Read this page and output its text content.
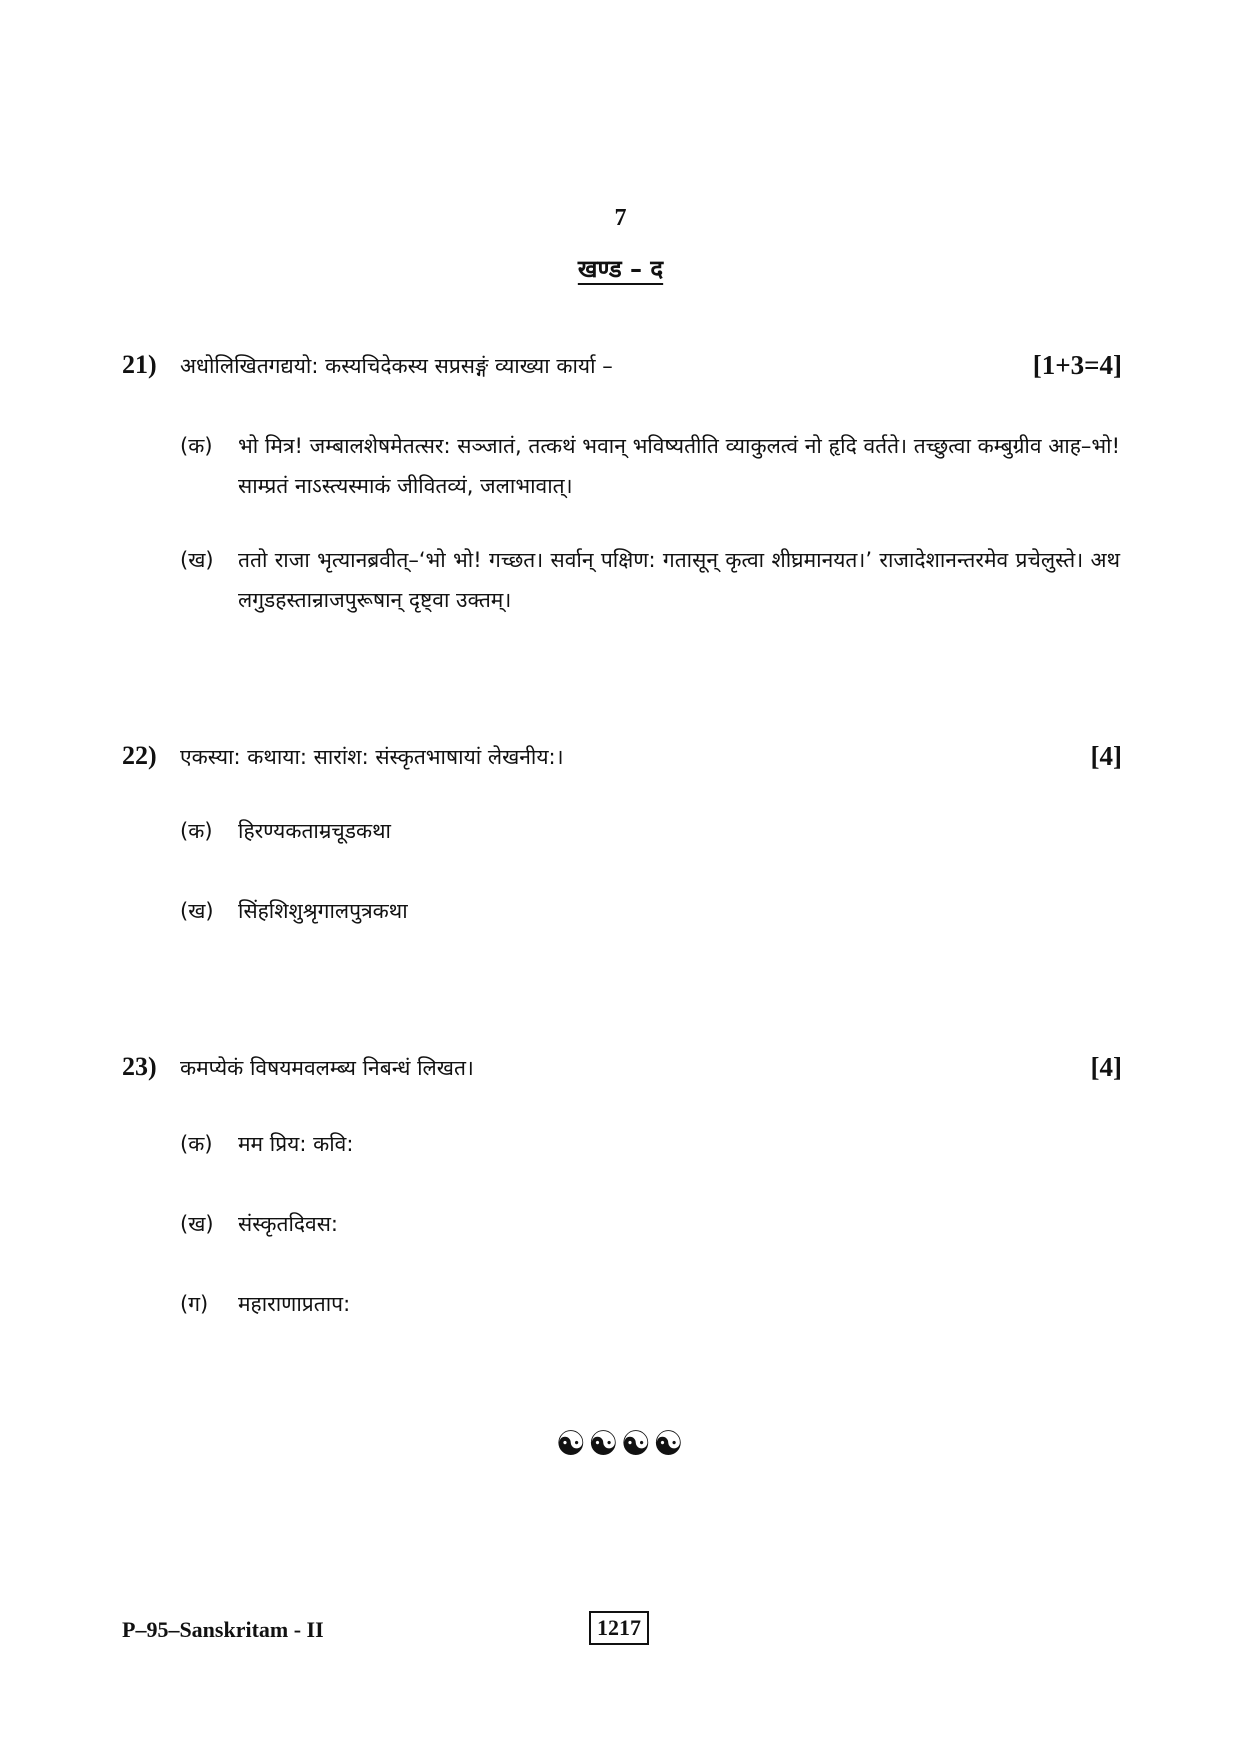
7
खण्ड – द
21)	अधोलिखितगद्ययो: कस्यचिदेकस्य सप्रसङ्गं व्याख्या कार्या –	[1+3=4]
(क)	भो मित्र! जम्बालशेषमेतत्सर: सञ्जातं, तत्कथं भवान् भविष्यतीति व्याकुलत्वं नो हृदि वर्तते। तच्छुत्वा कम्बुग्रीव आह–भो! साम्प्रतं नाऽस्त्यस्माकं जीवितव्यं, जलाभावात्।
(ख)	ततो राजा भृत्यानब्रवीत्–‘भो भो! गच्छत। सर्वान् पक्षिण: गतासून् कृत्वा शीघ्रमानयत।’ राजादेशानन्तरमेव प्रचेलुस्ते। अथ लगुडहस्तान्राजपुरूषान् दृष्ट्वा उक्तम्।
22)	एकस्या: कथाया: सारांश: संस्कृतभाषायां लेखनीय:।	[4]
(क)	हिरण्यकताम्रचूडकथा
(ख)	सिंहशिशुश्रृगालपुत्रकथा
23)	कमप्येकं विषयमवलम्ब्य निबन्धं लिखत।	[4]
(क)	मम प्रिय: कवि:
(ख)	संस्कृतदिवस:
(ग)	महाराणाप्रताप:
☯☯☯☯
P–95–Sanskritam - II	1217
